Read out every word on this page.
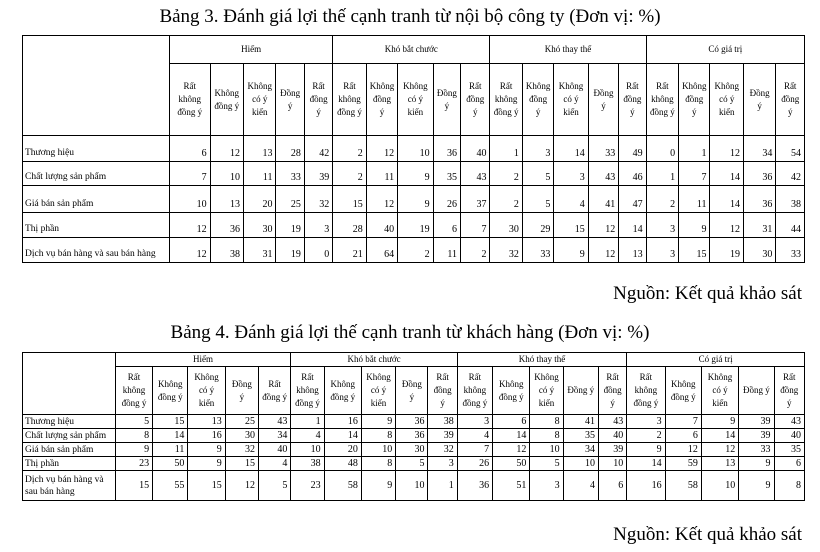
Bảng 3. Đánh giá lợi thế cạnh tranh từ nội bộ công ty (Đơn vị: %)
	Hiếm					Khó bắt chước					Khó thay thế					Có giá trị				
	Rất không đồng ý	Không đồng ý	Không có ý kiến	Đồng ý	Rất đồng ý	Rất không đồng ý	Không đồng ý	Không có ý kiến	Đồng ý	Rất đồng ý	Rất không đồng ý	Không đồng ý	Không có ý kiến	Đồng ý	Rất đồng ý	Rất không đồng ý	Không đồng ý	Không có ý kiến	Đồng ý	Rất đồng ý
Thương hiệu	6	12	13	28	42	2	12	10	36	40	1	3	14	33	49	0	1	12	34	54
Chất lượng sản phẩm	7	10	11	33	39	2	11	9	35	43	2	5	3	43	46	1	7	14	36	42
Giá bán sản phẩm	10	13	20	25	32	15	12	9	26	37	2	5	4	41	47	2	11	14	36	38
Thị phần	12	36	30	19	3	28	40	19	6	7	30	29	15	12	14	3	9	12	31	44
Dịch vụ bán hàng và sau bán hàng	12	38	31	19	0	21	64	2	11	2	32	33	9	12	13	3	15	19	30	33
Nguồn: Kết quả khảo sát
Bảng 4. Đánh giá lợi thế cạnh tranh từ khách hàng (Đơn vị: %)
	Hiếm					Khó bắt chước					Khó thay thế					Có giá trị				
	Rất không đồng ý	Không đồng ý	Không có ý kiến	Đồng ý	Rất đồng ý	Rất không đồng ý	Không đồng ý	Không có ý kiến	Đồng ý	Rất đồng ý	Rất không đồng ý	Không đồng ý	Không có ý kiến	Đồng ý	Rất đồng ý	Rất không đồng ý	Không đồng ý	Không có ý kiến	Đồng ý	Rất đồng ý
Thương hiệu	5	15	13	25	43	1	16	9	36	38	3	6	8	41	43	3	7	9	39	43
Chất lượng sản phẩm	8	14	16	30	34	4	14	8	36	39	4	14	8	35	40	2	6	14	39	40
Giá bán sản phẩm	9	11	9	32	40	10	20	10	30	32	7	12	10	34	39	9	12	12	33	35
Thị phần	23	50	9	15	4	38	48	8	5	3	26	50	5	10	10	14	59	13	9	6
Dịch vụ bán hàng và sau bán hàng	15	55	15	12	5	23	58	9	10	1	36	51	3	4	6	16	58	10	9	8
Nguồn: Kết quả khảo sát
